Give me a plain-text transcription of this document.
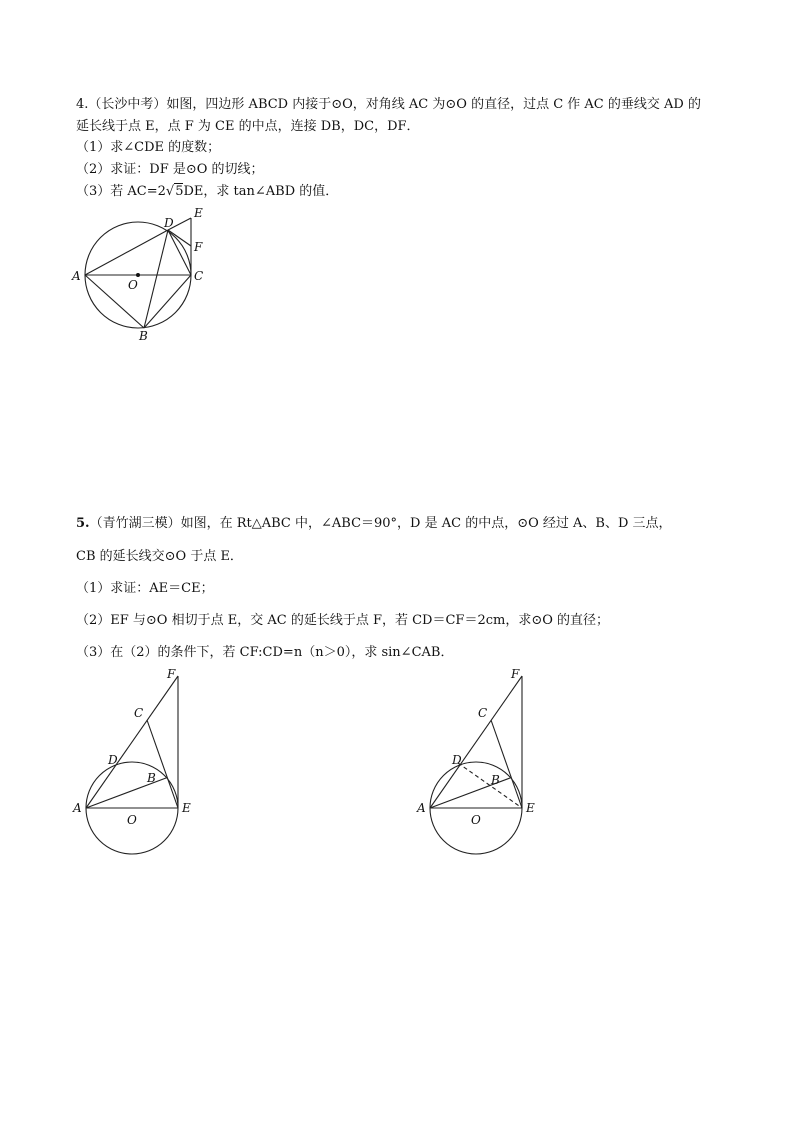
4.（长沙中考）如图，四边形 ABCD 内接于⊙O，对角线 AC 为⊙O 的直径，过点 C 作 AC 的垂线交 AD 的
延长线于点 E，点 F 为 CE 的中点，连接 DB，DC，DF．
（1）求∠CDE 的度数；
（2）求证：DF 是⊙O 的切线；
（3）若 AC=2√5DE，求 tan∠ABD 的值．
A
O
C
B
D
E
F
5.（青竹湖三模）如图，在 Rt△ABC 中，∠ABC＝90°，D 是 AC 的中点，⊙O 经过 A、B、D 三点，
CB 的延长线交⊙O 于点 E．
（1）求证：AE＝CE；
（2）EF 与⊙O 相切于点 E，交 AC 的延长线于点 F，若 CD＝CF＝2cm，求⊙O 的直径；
（3）在（2）的条件下，若 CF:CD=n（n＞0），求 sin∠CAB．
A
O
E
B
D
C
F
A
O
E
B
D
C
F
